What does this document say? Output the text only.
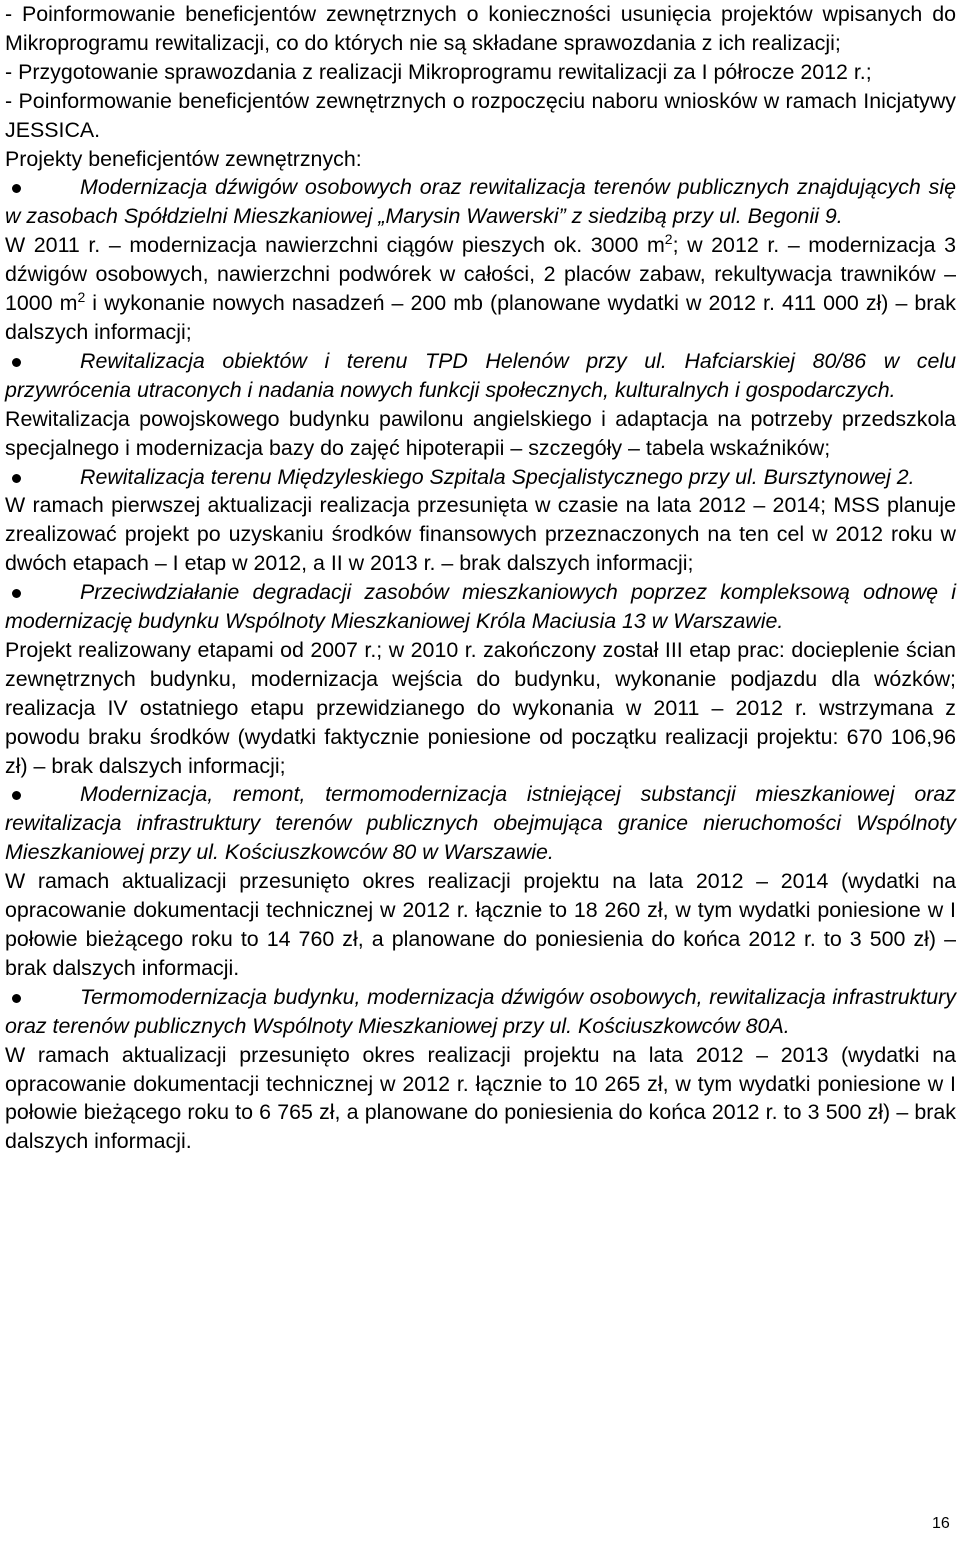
- Poinformowanie beneficjentów zewnętrznych o konieczności usunięcia projektów wpisanych do Mikroprogramu rewitalizacji, co do których nie są składane sprawozdania z ich realizacji;

- Przygotowanie sprawozdania z realizacji Mikroprogramu rewitalizacji za I półrocze 2012 r.;

- Poinformowanie beneficjentów zewnętrznych o rozpoczęciu naboru wniosków w ramach Inicjatywy JESSICA.

Projekty beneficjentów zewnętrznych:

Modernizacja dźwigów osobowych oraz rewitalizacja terenów publicznych znajdujących się w zasobach Spółdzielni Mieszkaniowej „Marysin Wawerski” z siedzibą przy ul. Begonii 9.

W 2011 r. – modernizacja nawierzchni ciągów pieszych ok. 3000 $m^2$; w 2012 r. – modernizacja 3 dźwigów osobowych, nawierzchni podwórek w całości, 2 placów zabaw, rekultywacja trawników – 1000 $m^2$ i wykonanie nowych nasadzeń – 200 mb (planowane wydatki w 2012 r. 411 000 zł) – brak dalszych informacji;

Rewitalizacja obiektów i terenu TPD Helenów przy ul. Hafciarskiej 80/86 w celu przywrócenia utraconych i nadania nowych funkcji społecznych, kulturalnych i gospodarczych.

Rewitalizacja powojskowego budynku pawilonu angielskiego i adaptacja na potrzeby przedszkola specjalnego i modernizacja bazy do zajęć hipoterapii – szczegóły – tabela wskaźników;

Rewitalizacja terenu Międzyleskiego Szpitala Specjalistycznego przy ul. Bursztynowej 2.

W ramach pierwszej aktualizacji realizacja przesunięta w czasie na lata 2012 – 2014; MSS planuje zrealizować projekt po uzyskaniu środków finansowych przeznaczonych na ten cel w 2012 roku w dwóch etapach – I etap w 2012, a II w 2013 r. – brak dalszych informacji;

Przeciwdziałanie degradacji zasobów mieszkaniowych poprzez kompleksową odnowę i modernizację budynku Wspólnoty Mieszkaniowej Króla Maciusia 13 w Warszawie.

Projekt realizowany etapami od 2007 r.; w 2010 r. zakończony został III etap prac: docieplenie ścian zewnętrznych budynku, modernizacja wejścia do budynku, wykonanie podjazdu dla wózków; realizacja IV ostatniego etapu przewidzianego do wykonania w 2011 – 2012 r. wstrzymana z powodu braku środków (wydatki faktycznie poniesione od początku realizacji projektu: 670 106,96 zł) – brak dalszych informacji;

Modernizacja, remont, termomodernizacja istniejącej substancji mieszkaniowej oraz rewitalizacja infrastruktury terenów publicznych obejmująca granice nieruchomości Wspólnoty Mieszkaniowej przy ul. Kościuszkowców 80 w Warszawie.

W ramach aktualizacji przesunięto okres realizacji projektu na lata 2012 – 2014 (wydatki na opracowanie dokumentacji technicznej w 2012 r. łącznie to 18 260 zł, w tym wydatki poniesione w I połowie bieżącego roku to 14 760 zł, a planowane do poniesienia do końca 2012 r. to 3 500 zł) – brak dalszych informacji.

Termomodernizacja budynku, modernizacja dźwigów osobowych, rewitalizacja infrastruktury oraz terenów publicznych Wspólnoty Mieszkaniowej przy ul. Kościuszkowców 80A.

W ramach aktualizacji przesunięto okres realizacji projektu na lata 2012 – 2013 (wydatki na opracowanie dokumentacji technicznej w 2012 r. łącznie to 10 265 zł, w tym wydatki poniesione w I połowie bieżącego roku to 6 765 zł, a planowane do poniesienia do końca 2012 r. to 3 500 zł) – brak dalszych informacji.

16
